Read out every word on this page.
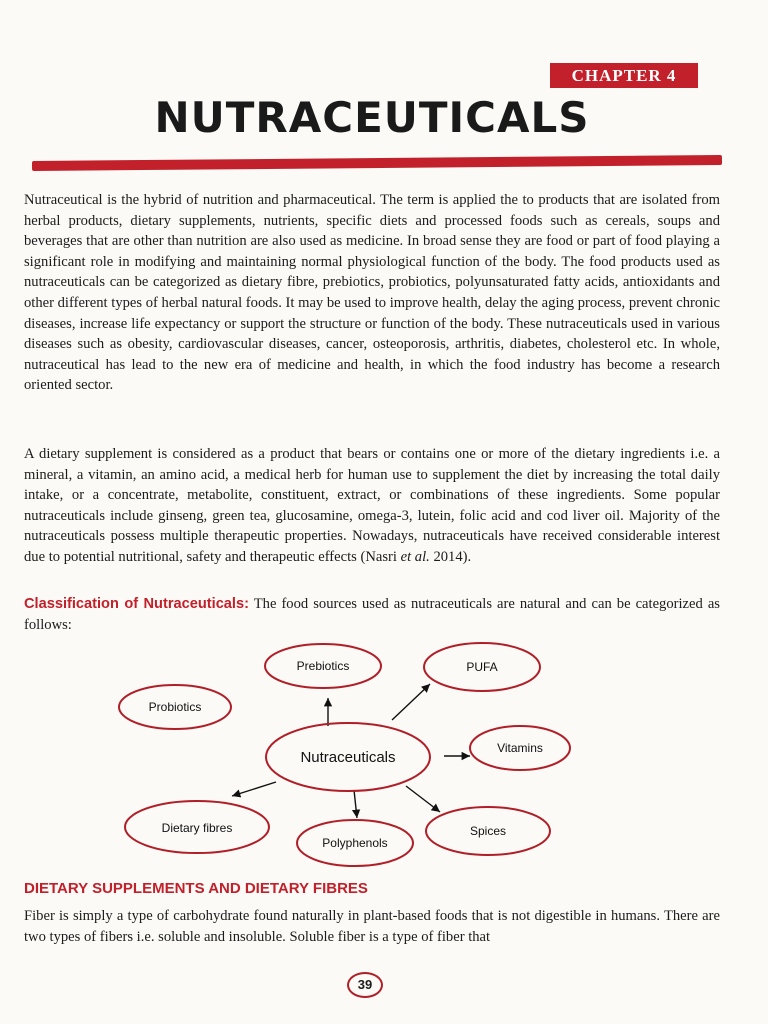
CHAPTER 4
NUTRACEUTICALS

Nutraceutical is the hybrid of nutrition and pharmaceutical. The term is applied the to products that are isolated from herbal products, dietary supplements, nutrients, specific diets and processed foods such as cereals, soups and beverages that are other than nutrition are also used as medicine. In broad sense they are food or part of food playing a significant role in modifying and maintaining normal physiological function of the body. The food products used as nutraceuticals can be categorized as dietary fibre, prebiotics, probiotics, polyunsaturated fatty acids, antioxidants and other different types of herbal natural foods. It may be used to improve health, delay the aging process, prevent chronic diseases, increase life expectancy or support the structure or function of the body. These nutraceuticals used in various diseases such as obesity, cardiovascular diseases, cancer, osteoporosis, arthritis, diabetes, cholesterol etc. In whole, nutraceutical has lead to the new era of medicine and health, in which the food industry has become a research oriented sector.

A dietary supplement is considered as a product that bears or contains one or more of the dietary ingredients i.e. a mineral, a vitamin, an amino acid, a medical herb for human use to supplement the diet by increasing the total daily intake, or a concentrate, metabolite, constituent, extract, or combinations of these ingredients. Some popular nutraceuticals include ginseng, green tea, glucosamine, omega-3, lutein, folic acid and cod liver oil. Majority of the nutraceuticals possess multiple therapeutic properties. Nowadays, nutraceuticals have received considerable interest due to potential nutritional, safety and therapeutic effects (Nasri et al. 2014).

Classification of Nutraceuticals: The food sources used as nutraceuticals are natural and can be categorized as follows:

Prebiotics	PUFA
Probiotics
Nutraceuticals
Vitamins
Dietary fibres
Polyphenols
Spices
DIETARY SUPPLEMENTS AND DIETARY FIBRES

Fiber is simply a type of carbohydrate found naturally in plant-based foods that is not digestible in humans. There are two types of fibers i.e. soluble and insoluble. Soluble fiber is a type of fiber that

39
